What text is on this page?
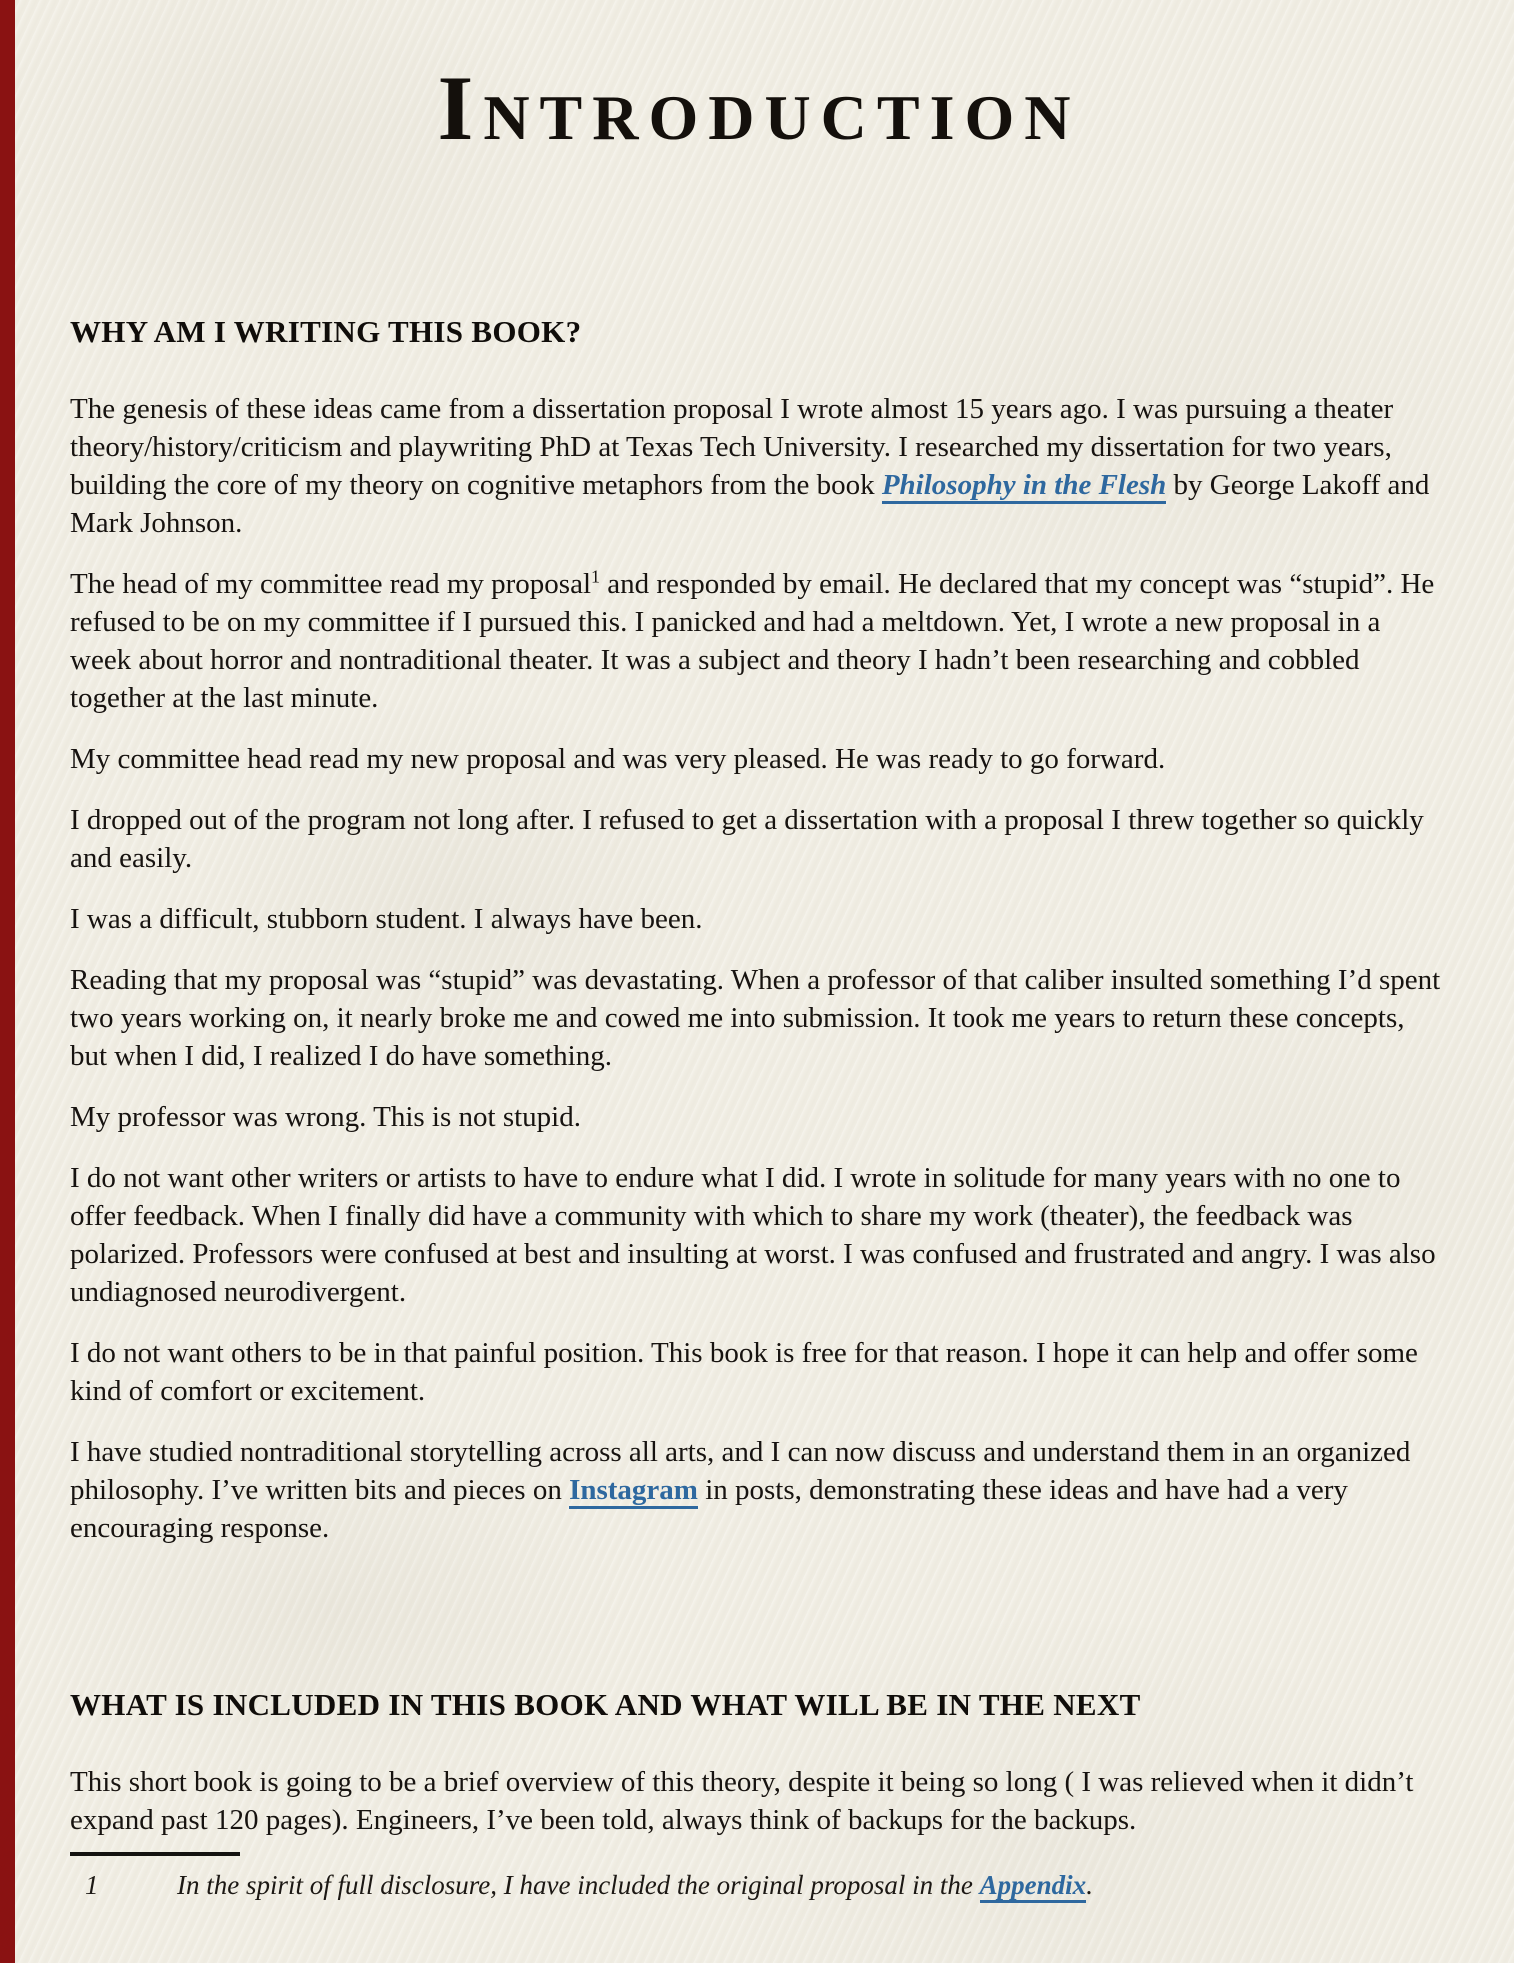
Introduction
WHY AM I WRITING THIS BOOK?

The genesis of these ideas came from a dissertation proposal I wrote almost 15 years ago. I was pursuing a theater theory/history/criticism and playwriting PhD at Texas Tech University. I researched my dissertation for two years, building the core of my theory on cognitive metaphors from the book Philosophy in the Flesh by George Lakoff and Mark Johnson.

The head of my committee read my proposal$^1$ and responded by email. He declared that my concept was “stupid”. He refused to be on my committee if I pursued this. I panicked and had a meltdown. Yet, I wrote a new proposal in a week about horror and nontraditional theater. It was a subject and theory I hadn’t been researching and cobbled together at the last minute.

My committee head read my new proposal and was very pleased. He was ready to go forward.

I dropped out of the program not long after. I refused to get a dissertation with a proposal I threw together so quickly and easily.

I was a difficult, stubborn student. I always have been.

Reading that my proposal was “stupid” was devastating. When a professor of that caliber insulted something I’d spent two years working on, it nearly broke me and cowed me into submission. It took me years to return these concepts, but when I did, I realized I do have something.

My professor was wrong. This is not stupid.

I do not want other writers or artists to have to endure what I did. I wrote in solitude for many years with no one to offer feedback. When I finally did have a community with which to share my work (theater), the feedback was polarized. Professors were confused at best and insulting at worst. I was confused and frustrated and angry. I was also undiagnosed neurodivergent.

I do not want others to be in that painful position. This book is free for that reason. I hope it can help and offer some kind of comfort or excitement.

I have studied nontraditional storytelling across all arts, and I can now discuss and understand them in an organized philosophy. I’ve written bits and pieces on Instagram in posts, demonstrating these ideas and have had a very encouraging response.

WHAT IS INCLUDED IN THIS BOOK AND WHAT WILL BE IN THE NEXT

This short book is going to be a brief overview of this theory, despite it being so long ( I was relieved when it didn’t expand past 120 pages). Engineers, I’ve been told, always think of backups for the backups.

1	In the spirit of full disclosure, I have included the original proposal in the Appendix.
